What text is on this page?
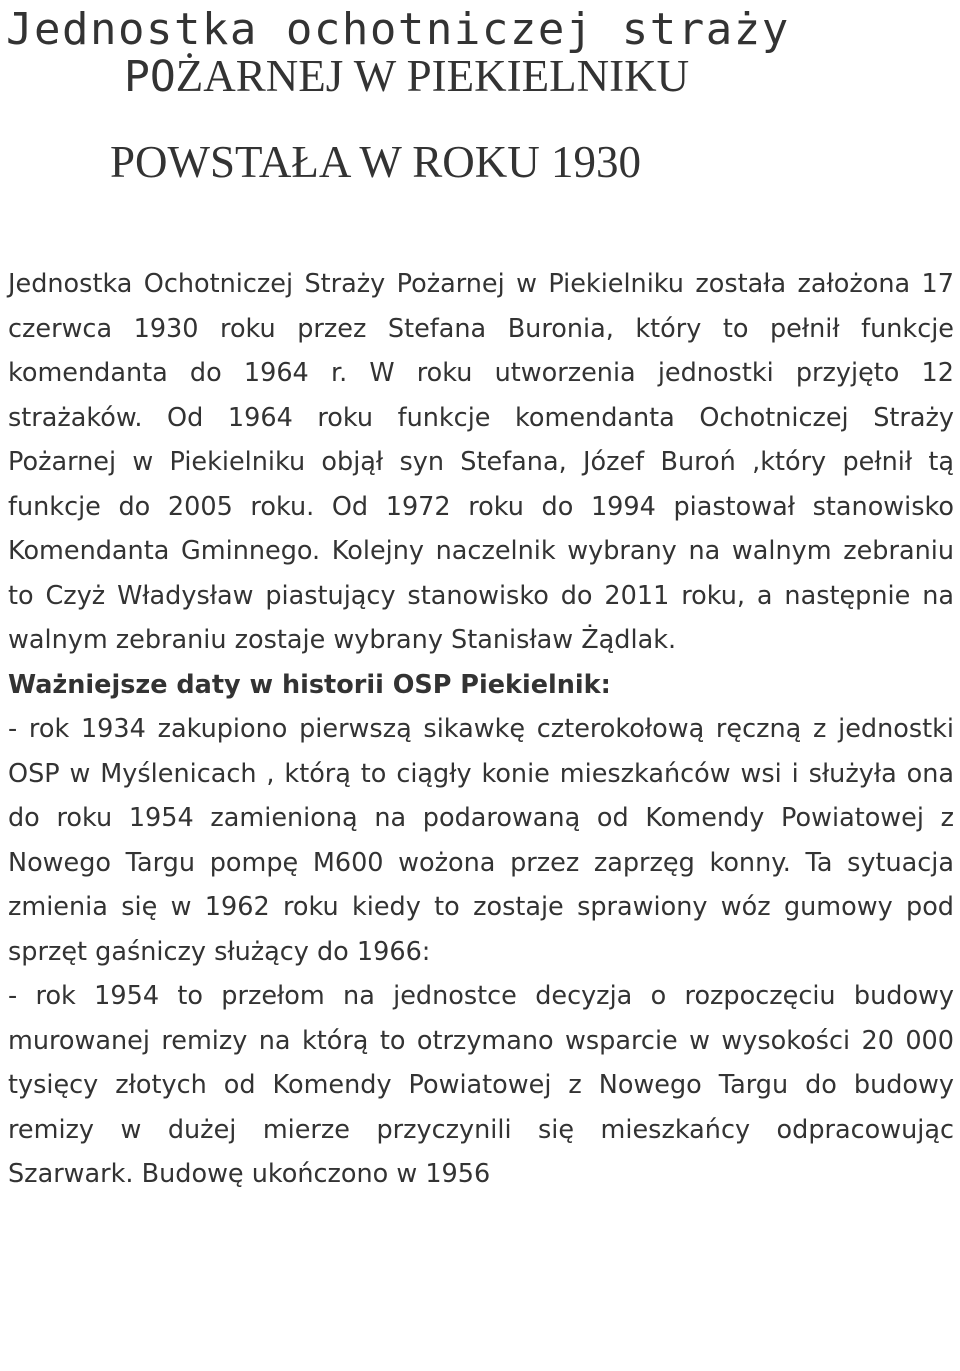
Jednostka ochotniczej straży
POŻARNEJ W PIEKIELNIKU
POWSTAŁA W ROKU 1930

Jednostka Ochotniczej Straży Pożarnej w Piekielniku została założona 17 czerwca 1930 roku przez Stefana Buronia, który to pełnił funkcje komendanta do 1964 r. W roku utworzenia jednostki przyjęto 12 strażaków. Od 1964 roku funkcje komendanta Ochotniczej Straży Pożarnej w Piekielniku objął syn Stefana, Józef Buroń ,który pełnił tą funkcje do 2005 roku. Od 1972 roku do 1994 piastował stanowisko Komendanta Gminnego. Kolejny naczelnik wybrany na walnym zebraniu to Czyż Władysław piastujący stanowisko do 2011 roku, a następnie na walnym zebraniu zostaje wybrany Stanisław Żądlak.

Ważniejsze daty w historii OSP Piekielnik:

- rok 1934 zakupiono pierwszą sikawkę czterokołową ręczną z jednostki OSP w Myślenicach , którą to ciągły konie mieszkańców wsi i służyła ona do roku 1954 zamienioną na podarowaną od Komendy Powiatowej z Nowego Targu pompę M600 wożona przez zaprzęg konny. Ta sytuacja zmienia się w 1962 roku kiedy to zostaje sprawiony wóz gumowy pod sprzęt gaśniczy służący do 1966:

- rok 1954 to przełom na jednostce decyzja o rozpoczęciu budowy murowanej remizy na którą to otrzymano wsparcie w wysokości 20 000 tysięcy złotych od Komendy Powiatowej z Nowego Targu do budowy remizy w dużej mierze przyczynili się mieszkańcy odpracowując Szarwark. Budowę ukończono w 1956
